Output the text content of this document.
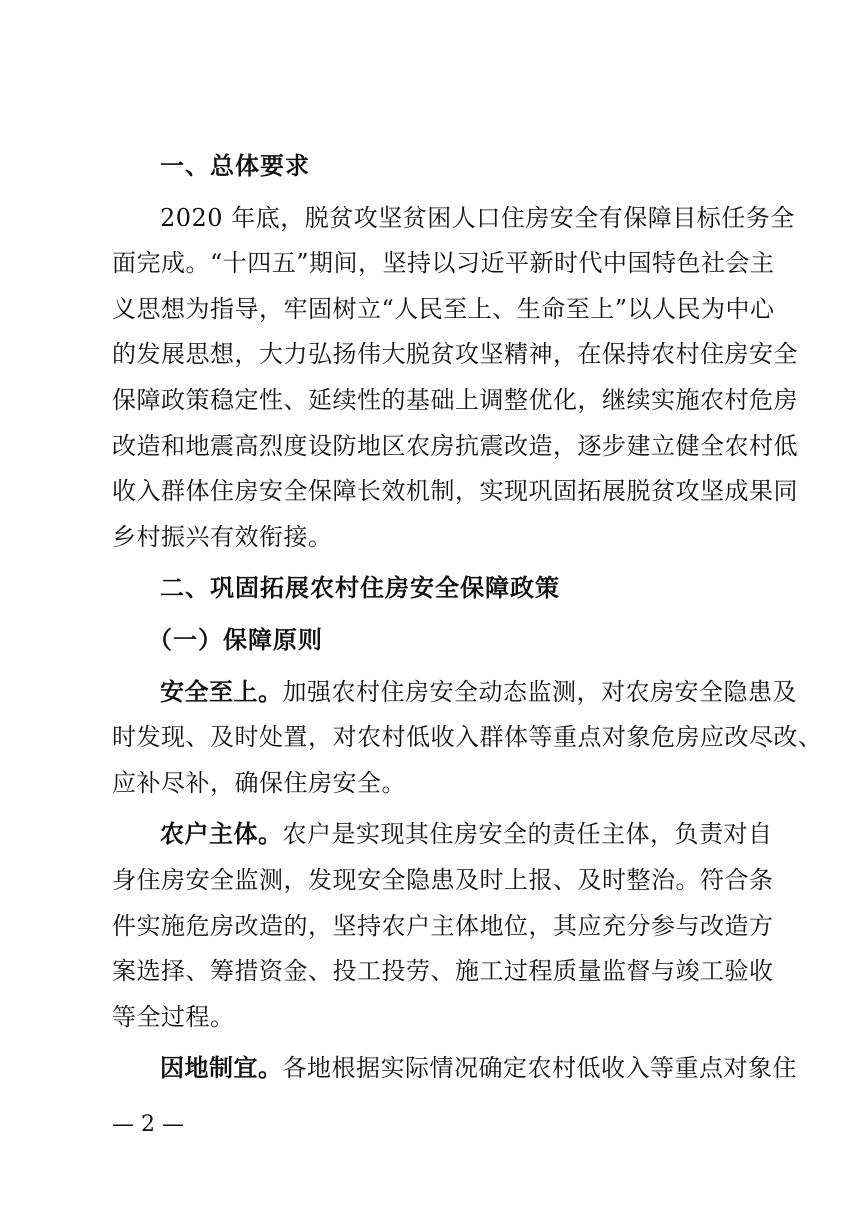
一、总体要求
2020 年底，脱贫攻坚贫困人口住房安全有保障目标任务全
面完成。“十四五”期间，坚持以习近平新时代中国特色社会主
义思想为指导，牢固树立“人民至上、生命至上”以人民为中心
的发展思想，大力弘扬伟大脱贫攻坚精神，在保持农村住房安全
保障政策稳定性、延续性的基础上调整优化，继续实施农村危房
改造和地震高烈度设防地区农房抗震改造，逐步建立健全农村低
收入群体住房安全保障长效机制，实现巩固拓展脱贫攻坚成果同
乡村振兴有效衔接。
二、巩固拓展农村住房安全保障政策
（一）保障原则
安全至上。加强农村住房安全动态监测，对农房安全隐患及
时发现、及时处置，对农村低收入群体等重点对象危房应改尽改、
应补尽补，确保住房安全。
农户主体。农户是实现其住房安全的责任主体，负责对自
身住房安全监测，发现安全隐患及时上报、及时整治。符合条
件实施危房改造的，坚持农户主体地位，其应充分参与改造方
案选择、筹措资金、投工投劳、施工过程质量监督与竣工验收
等全过程。
因地制宜。各地根据实际情况确定农村低收入等重点对象住
— 2 —
